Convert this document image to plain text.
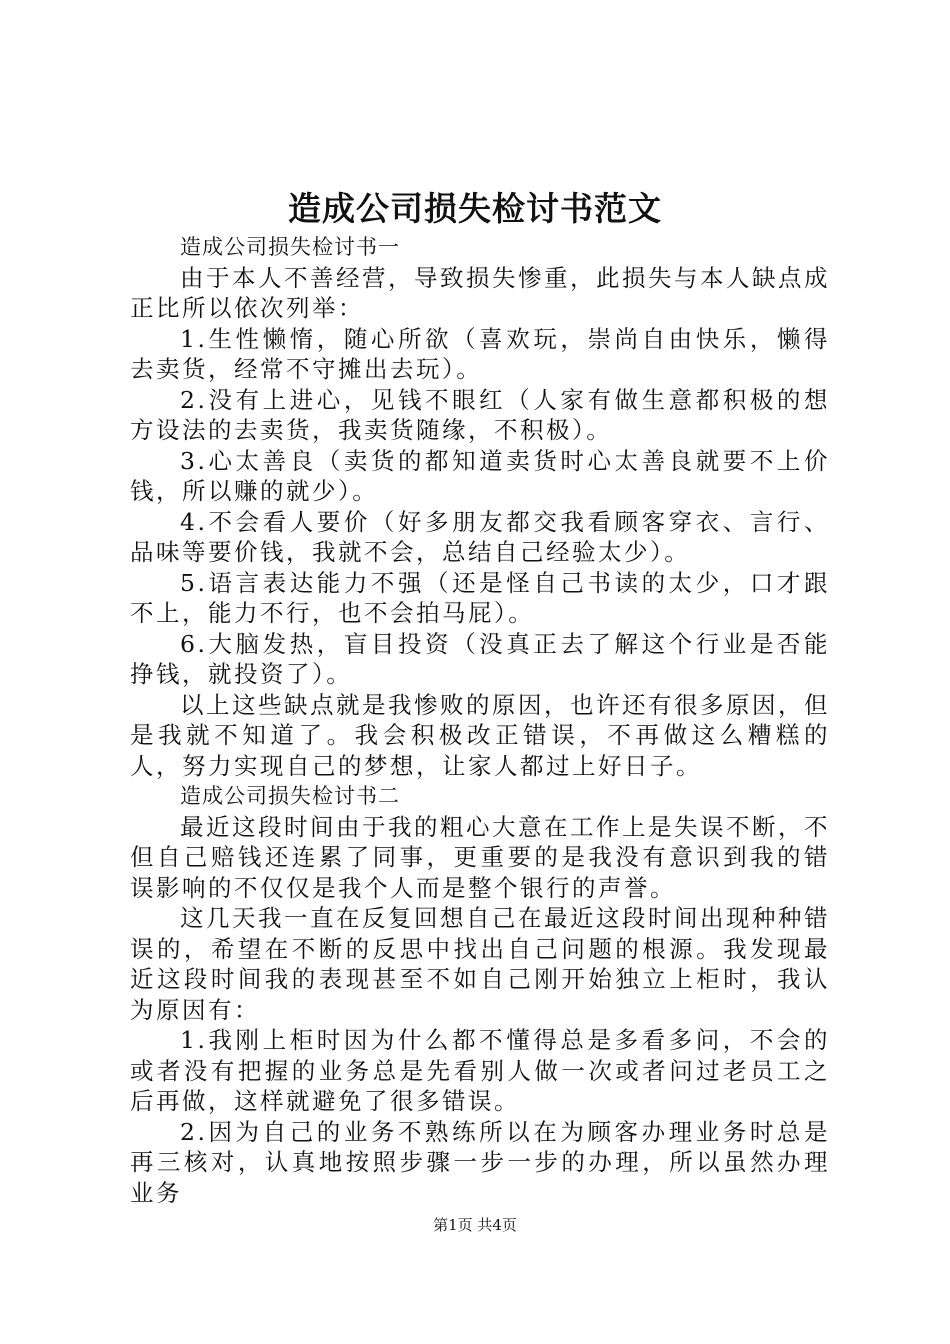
造成公司损失检讨书范文

造成公司损失检讨书一

由于本人不善经营，导致损失惨重，此损失与本人缺点成正比所以依次列举：

1.生性懒惰，随心所欲（喜欢玩，崇尚自由快乐，懒得去卖货，经常不守摊出去玩）。

2.没有上进心，见钱不眼红（人家有做生意都积极的想方设法的去卖货，我卖货随缘，不积极）。

3.心太善良（卖货的都知道卖货时心太善良就要不上价钱，所以赚的就少）。

4.不会看人要价（好多朋友都交我看顾客穿衣、言行、品味等要价钱，我就不会，总结自己经验太少）。

5.语言表达能力不强（还是怪自己书读的太少，口才跟不上，能力不行，也不会拍马屁）。

6.大脑发热，盲目投资（没真正去了解这个行业是否能挣钱，就投资了）。

以上这些缺点就是我惨败的原因，也许还有很多原因，但是我就不知道了。我会积极改正错误，不再做这么糟糕的人，努力实现自己的梦想，让家人都过上好日子。

造成公司损失检讨书二

最近这段时间由于我的粗心大意在工作上是失误不断，不但自己赔钱还连累了同事，更重要的是我没有意识到我的错误影响的不仅仅是我个人而是整个银行的声誉。

这几天我一直在反复回想自己在最近这段时间出现种种错误的，希望在不断的反思中找出自己问题的根源。我发现最近这段时间我的表现甚至不如自己刚开始独立上柜时，我认为原因有：

1.我刚上柜时因为什么都不懂得总是多看多问，不会的或者没有把握的业务总是先看别人做一次或者问过老员工之后再做，这样就避免了很多错误。

2.因为自己的业务不熟练所以在为顾客办理业务时总是再三核对，认真地按照步骤一步一步的办理，所以虽然办理业务

第1页 共4页
